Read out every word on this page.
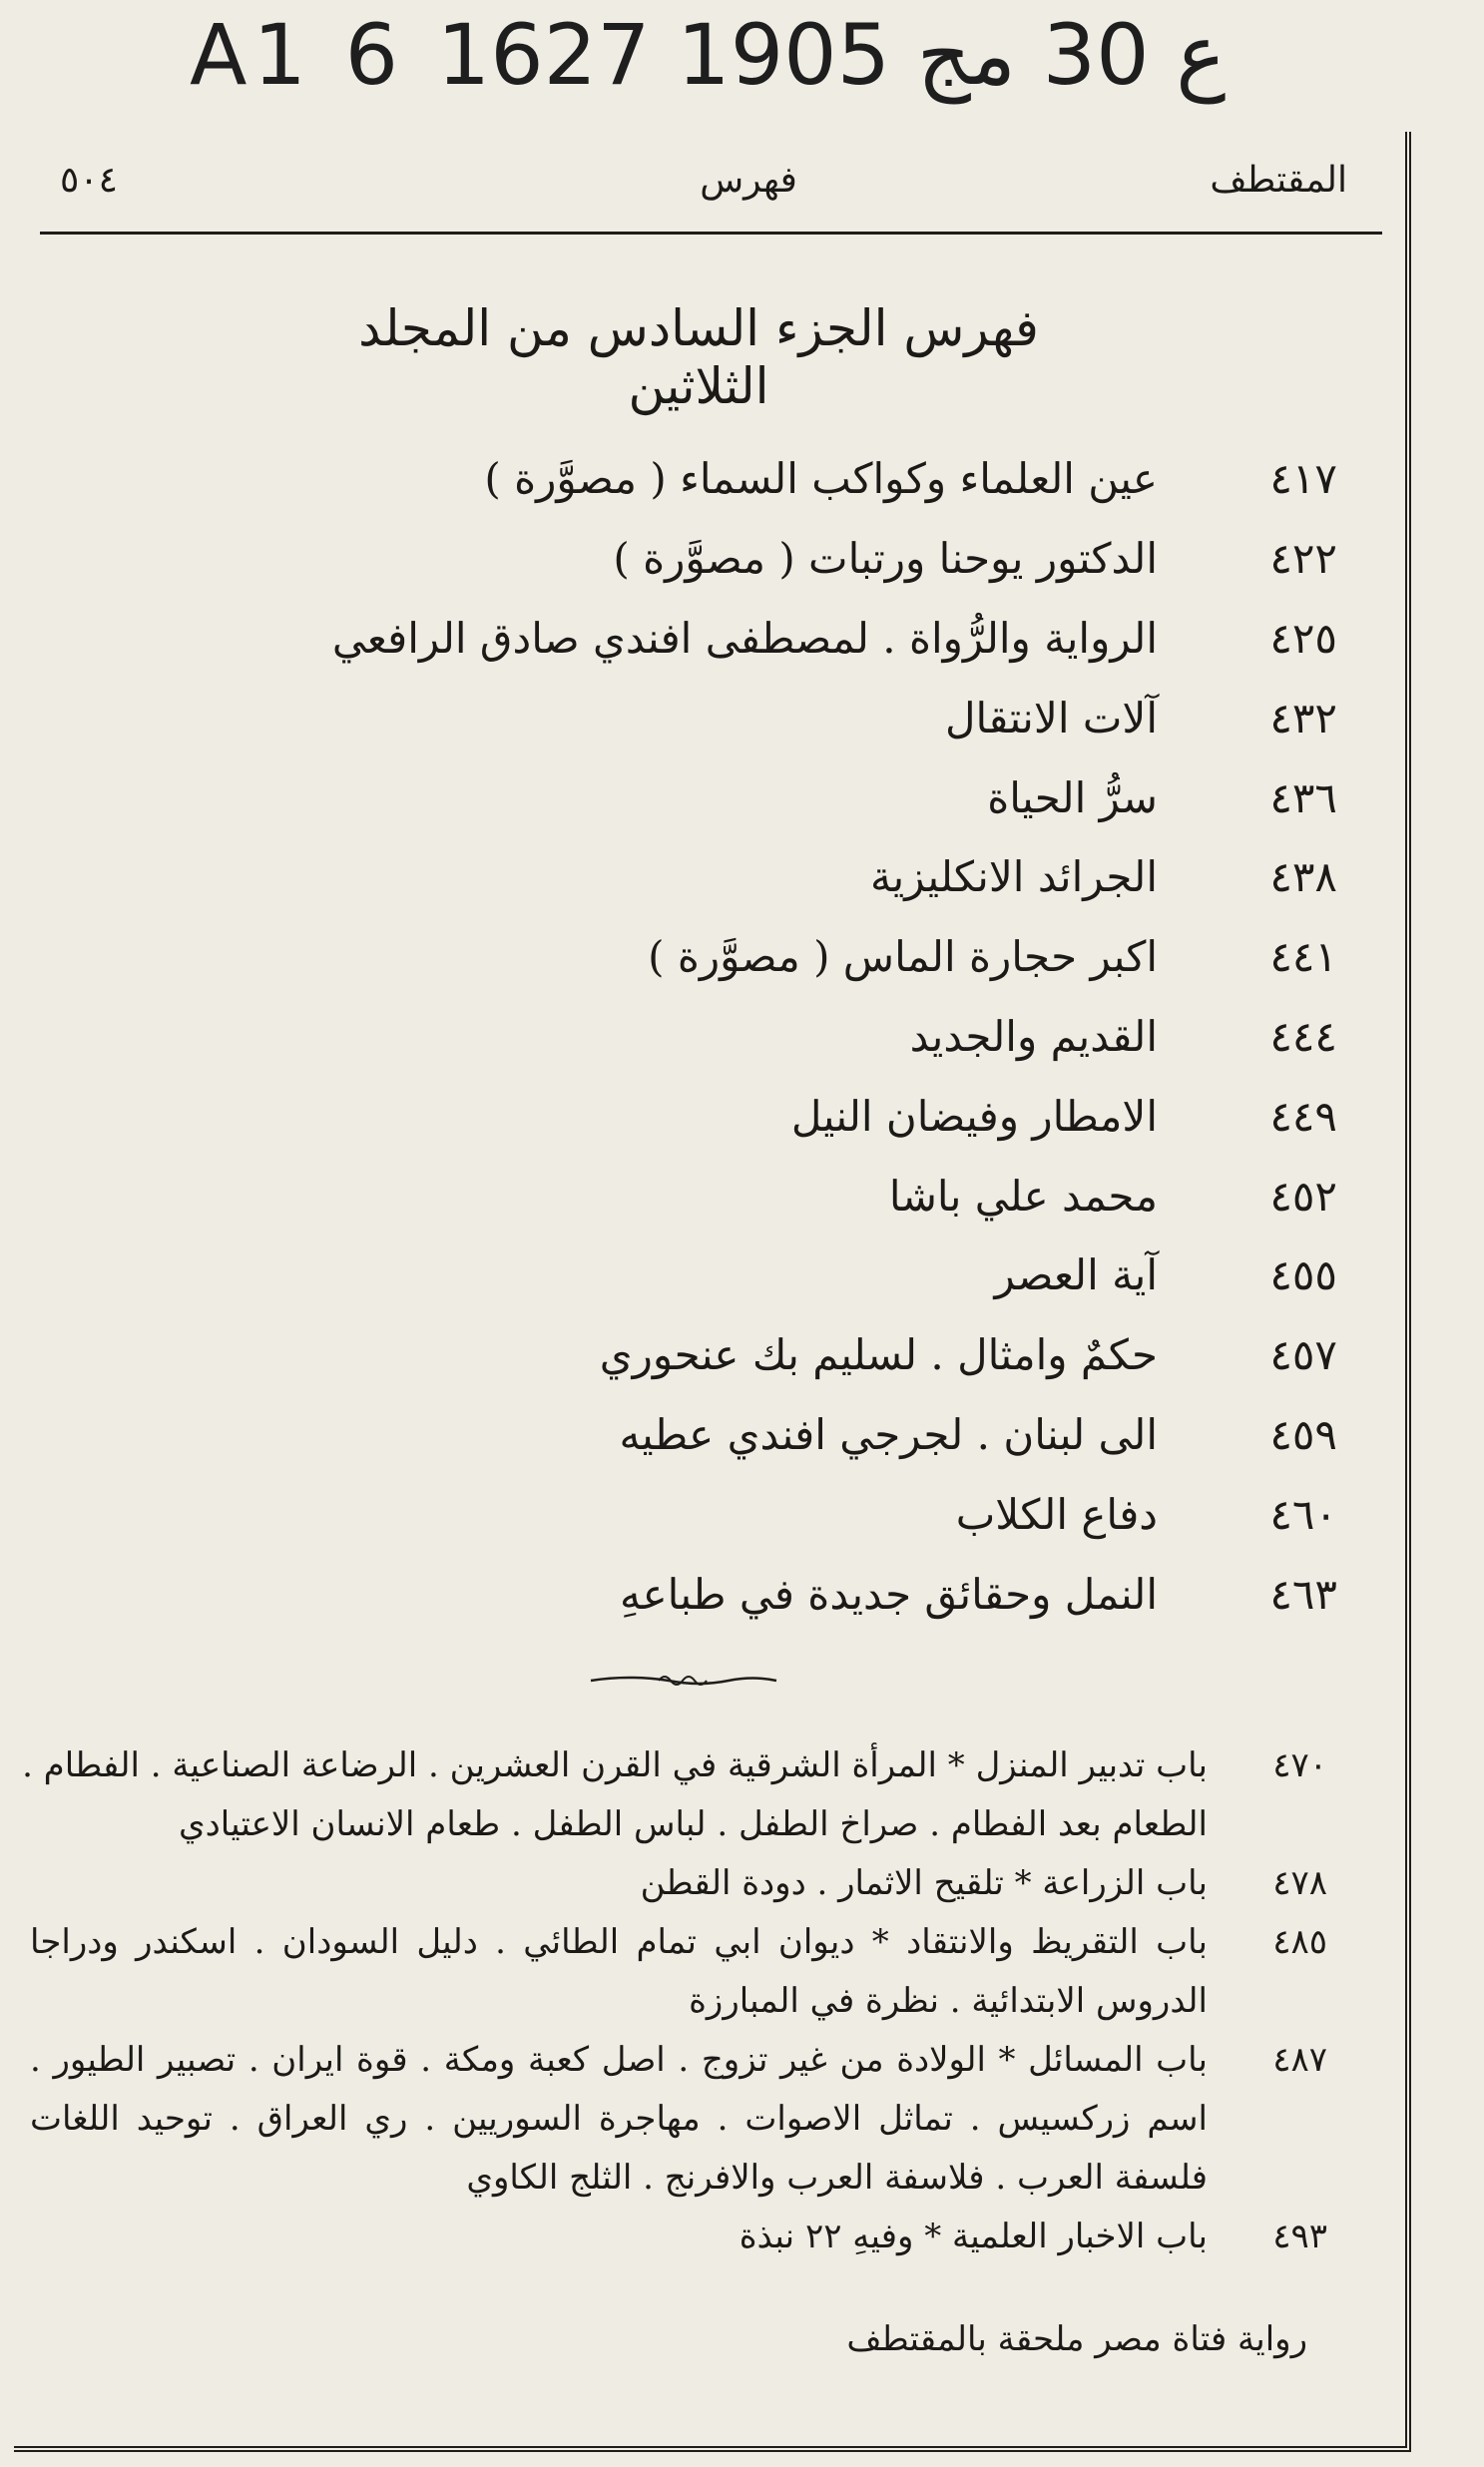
A1 6 ع 30 مج 1905 1627
المقتطف
فهرس
٥٠٤
فهرس الجزء السادس من المجلد الثلاثين
٤١٧
عين العلماء وكواكب السماء ( مصوَّرة )
٤٢٢
الدكتور يوحنا ورتبات ( مصوَّرة )
٤٢٥
الرواية والرُّواة . لمصطفى افندي صادق الرافعي
٤٣٢
آلات الانتقال
٤٣٦
سرُّ الحياة
٤٣٨
الجرائد الانكليزية
٤٤١
اكبر حجارة الماس ( مصوَّرة )
٤٤٤
القديم والجديد
٤٤٩
الامطار وفيضان النيل
٤٥٢
محمد علي باشا
٤٥٥
آية العصر
٤٥٧
حكمٌ وامثال . لسليم بك عنحوري
٤٥٩
الى لبنان . لجرجي افندي عطيه
٤٦٠
دفاع الكلاب
٤٦٣
النمل وحقائق جديدة في طباعهِ
٤٧٠
باب تدبير المنزل * المرأة الشرقية في القرن العشرين . الرضاعة الصناعية . الفطام .
الطعام بعد الفطام . صراخ الطفل . لباس الطفل . طعام الانسان الاعتيادي
٤٧٨
باب الزراعة * تلقيح الاثمار . دودة القطن
٤٨٥
باب التقريظ والانتقاد * ديوان ابي تمام الطائي . دليل السودان . اسكندر ودراجا
الدروس الابتدائية . نظرة في المبارزة
٤٨٧
باب المسائل * الولادة من غير تزوج . اصل كعبة ومكة . قوة ايران . تصبير الطيور .
اسم زركسيس . تماثل الاصوات . مهاجرة السوريين . ري العراق . توحيد اللغات
فلسفة العرب . فلاسفة العرب والافرنج . الثلج الكاوي
٤٩٣
باب الاخبار العلمية * وفيهِ ٢٢ نبذة
رواية فتاة مصر ملحقة بالمقتطف
